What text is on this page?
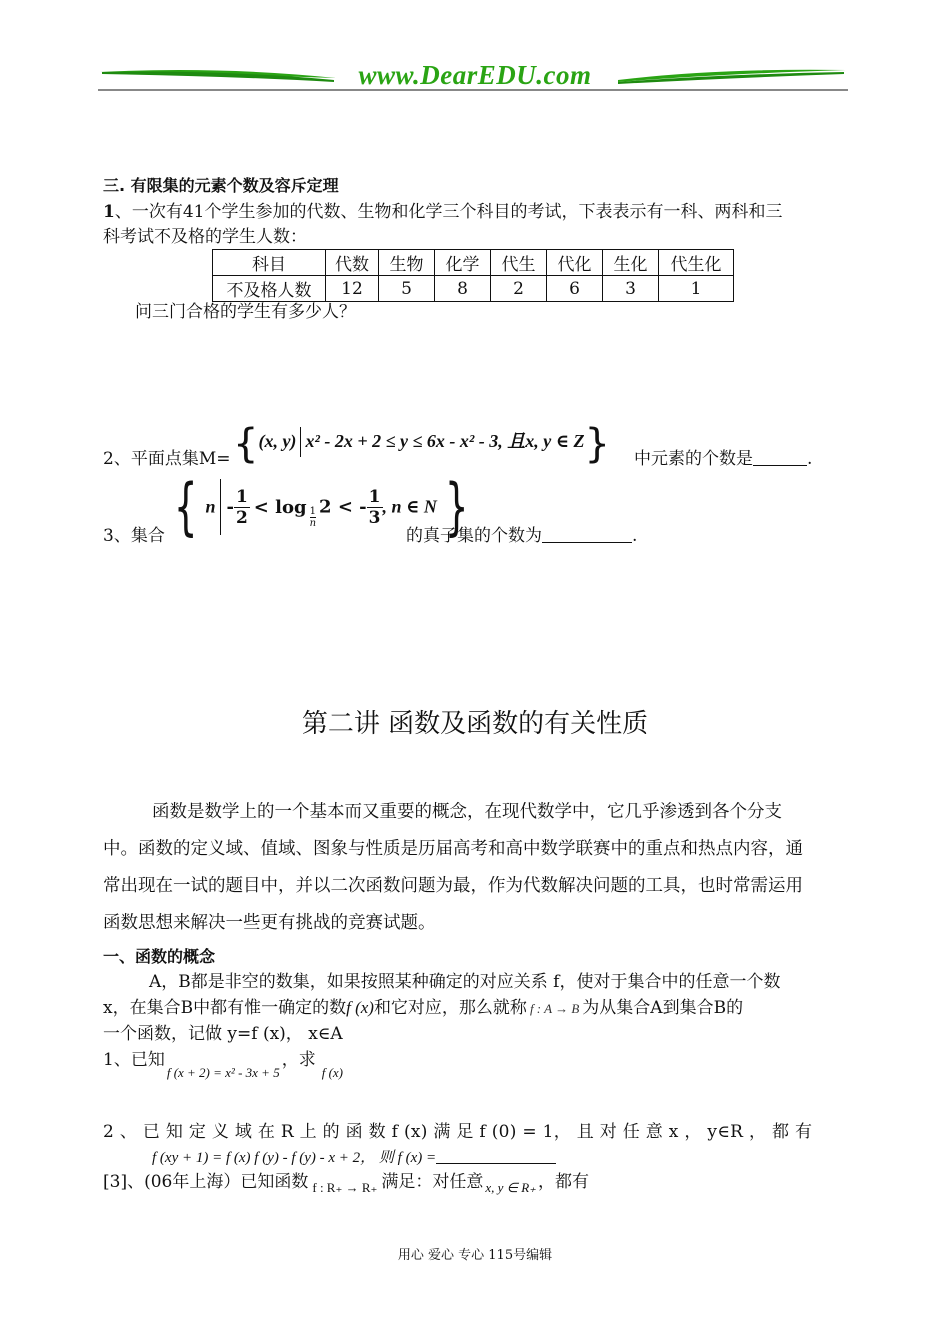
www.DearEDU.com
三. 有限集的元素个数及容斥定理
1、一次有41个学生参加的代数、生物和化学三个科目的考试，下表表示有一科、两科和三
科考试不及格的学生人数：
科目	代数	生物	化学	代生	代化	生化	代生化
不及格人数	12	5	8	2	6	3	1
问三门合格的学生有多少人？
2、平面点集M= {(x, y) x² - 2x + 2 ≤ y ≤ 6x - x² - 3, 且x, y ∈ Z} 中元素的个数是	.
3、集合 { $n - \frac{1}{2} < \log \frac{1}{n} 2$ < - $\frac{1}{3}$ , n ∈ N }
的真子集的个数为	.
第二讲 函数及函数的有关性质
函数是数学上的一个基本而又重要的概念，在现代数学中，它几乎渗透到各个分支
中。函数的定义域、值域、图象与性质是历届高考和高中数学联赛中的重点和热点内容，通
常出现在一试的题目中，并以二次函数问题为最，作为代数解决问题的工具，也时常需运用
函数思想来解决一些更有挑战的竞赛试题。
一、函数的概念
A，B都是非空的数集，如果按照某种确定的对应关系 f，使对于集合中的任意一个数
x，在集合B中都有惟一确定的数f (x)和它对应，那么就称 f : A → B 为从集合A到集合B的
一个函数，记做 y=f (x)， x∈A
1、已知$_{f (x + 2) = x^2 - 3x + 5}$，求$_{f (x)}$
2 、 已 知 定 义 域 在 R 上 的 函 数 f (x) 满 足 f (0) = 1， 且 对 任 意 x ， y∈R ， 都 有
f (xy + 1) = f (x) f (y) - f (y) - x + 2， 则 f (x) =
[3]、(06年上海）已知函数 $_{f : R_+ \to R_+}$ 满足：对任意 $_{x, y \in R_+}$ ，都有
用心 爱心 专心 115号编辑
